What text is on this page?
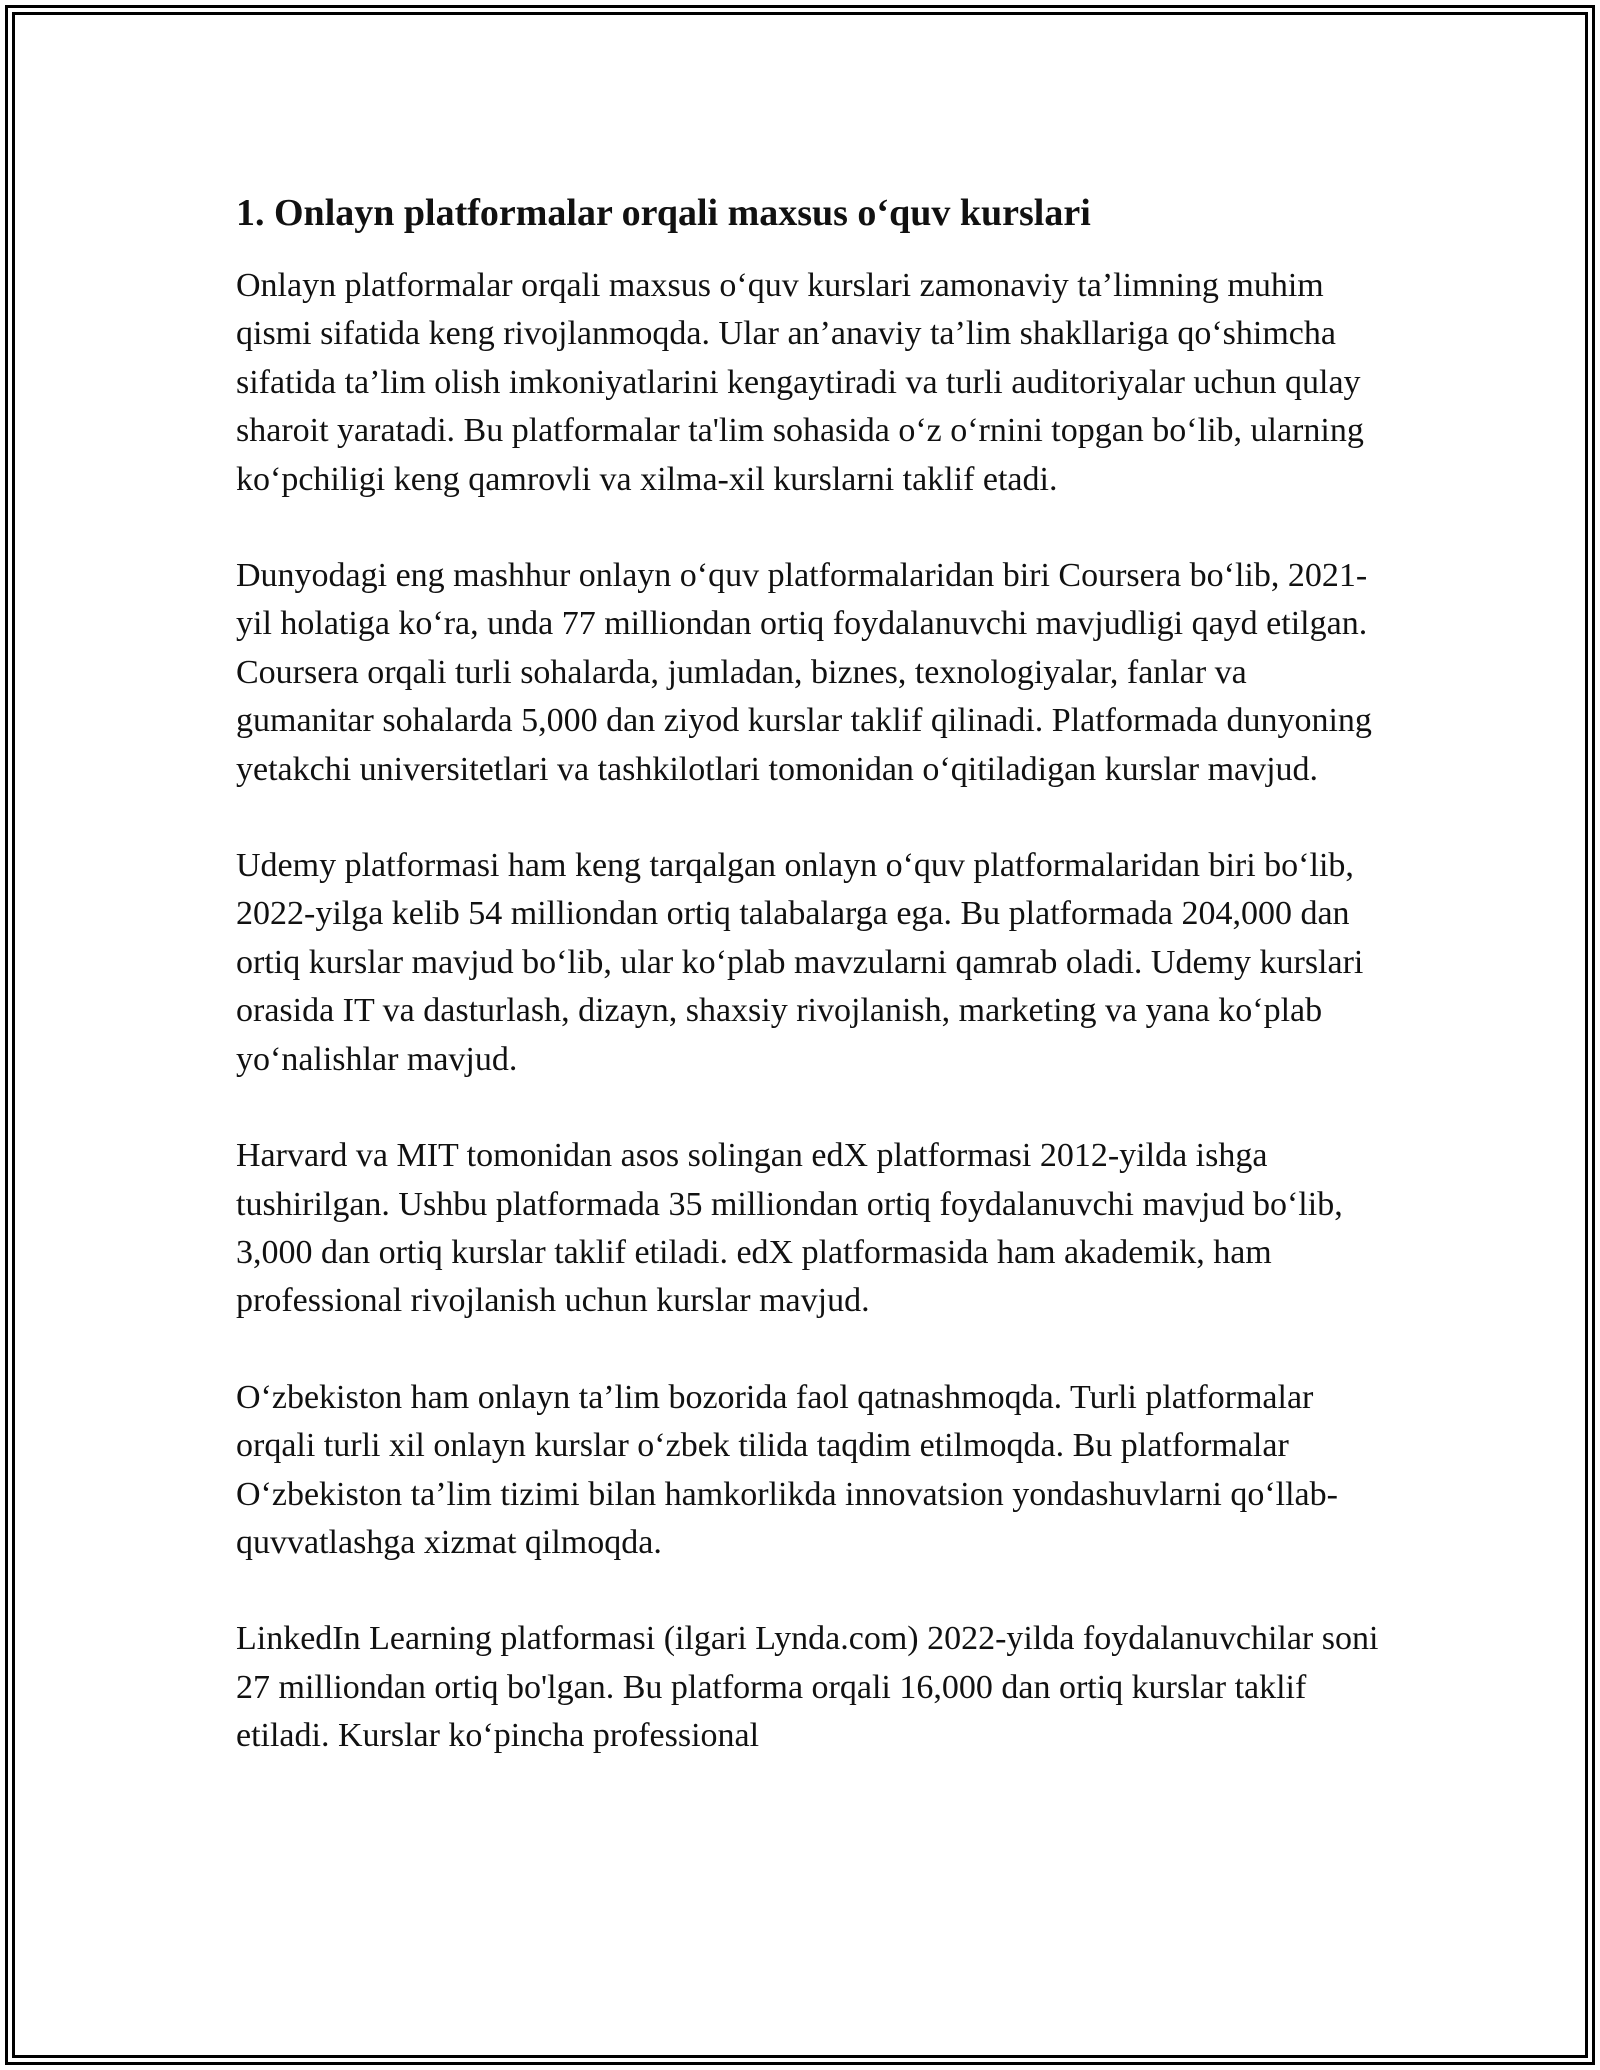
1. Onlayn platformalar orqali maxsus o‘quv kurslari

Onlayn platformalar orqali maxsus o‘quv kurslari zamonaviy ta’limning muhim qismi sifatida keng rivojlanmoqda. Ular an’anaviy ta’lim shakllariga qo‘shimcha sifatida ta’lim olish imkoniyatlarini kengaytiradi va turli auditoriyalar uchun qulay sharoit yaratadi. Bu platformalar ta'lim sohasida o‘z o‘rnini topgan bo‘lib, ularning ko‘pchiligi keng qamrovli va xilma-xil kurslarni taklif etadi.

Dunyodagi eng mashhur onlayn o‘quv platformalaridan biri Coursera bo‘lib, 2021-yil holatiga ko‘ra, unda 77 milliondan ortiq foydalanuvchi mavjudligi qayd etilgan. Coursera orqali turli sohalarda, jumladan, biznes, texnologiyalar, fanlar va gumanitar sohalarda 5,000 dan ziyod kurslar taklif qilinadi. Platformada dunyoning yetakchi universitetlari va tashkilotlari tomonidan o‘qitiladigan kurslar mavjud.

Udemy platformasi ham keng tarqalgan onlayn o‘quv platformalaridan biri bo‘lib, 2022-yilga kelib 54 milliondan ortiq talabalarga ega. Bu platformada 204,000 dan ortiq kurslar mavjud bo‘lib, ular ko‘plab mavzularni qamrab oladi. Udemy kurslari orasida IT va dasturlash, dizayn, shaxsiy rivojlanish, marketing va yana ko‘plab yo‘nalishlar mavjud.

Harvard va MIT tomonidan asos solingan edX platformasi 2012-yilda ishga tushirilgan. Ushbu platformada 35 milliondan ortiq foydalanuvchi mavjud bo‘lib, 3,000 dan ortiq kurslar taklif etiladi. edX platformasida ham akademik, ham professional rivojlanish uchun kurslar mavjud.

O‘zbekiston ham onlayn ta’lim bozorida faol qatnashmoqda. Turli platformalar orqali turli xil onlayn kurslar o‘zbek tilida taqdim etilmoqda. Bu platformalar O‘zbekiston ta’lim tizimi bilan hamkorlikda innovatsion yondashuvlarni qo‘llab-quvvatlashga xizmat qilmoqda.

LinkedIn Learning platformasi (ilgari Lynda.com) 2022-yilda foydalanuvchilar soni 27 milliondan ortiq bo'lgan. Bu platforma orqali 16,000 dan ortiq kurslar taklif etiladi. Kurslar ko‘pincha professional
